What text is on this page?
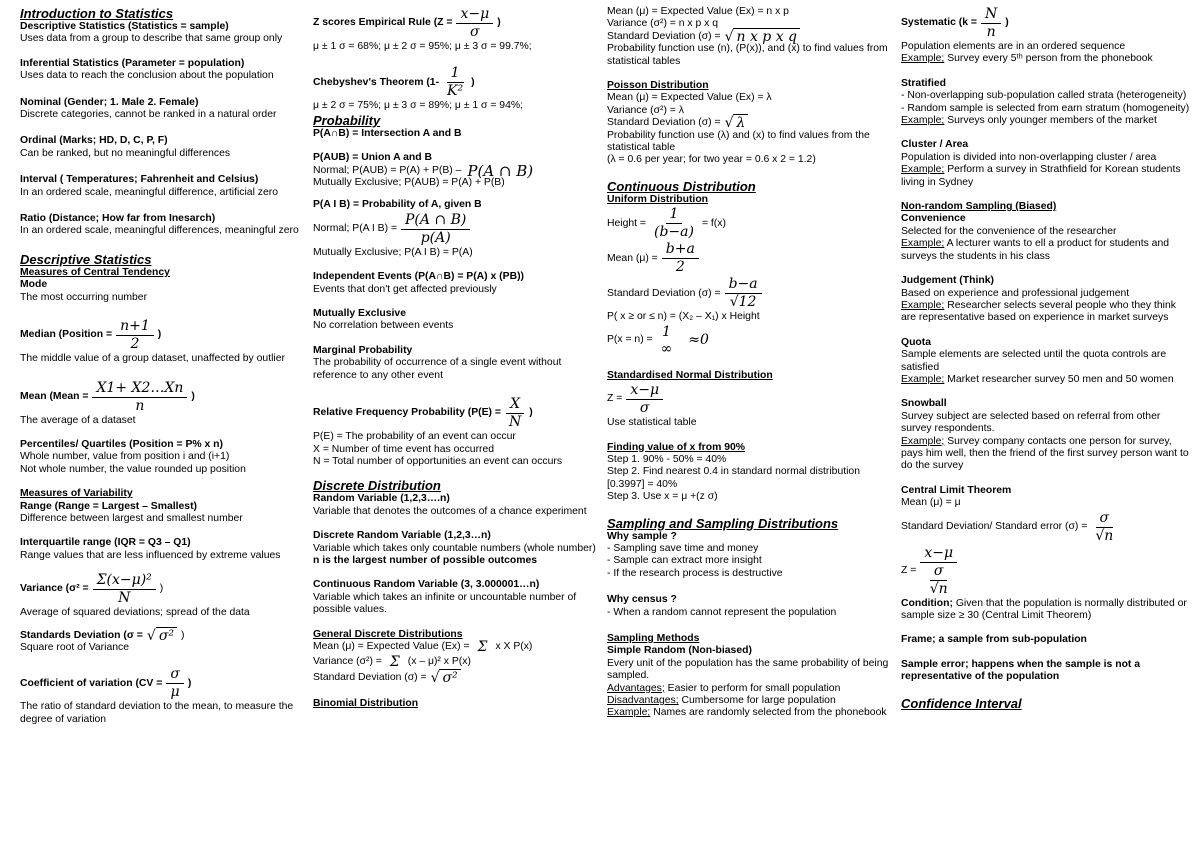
Introduction to Statistics
Descriptive Statistics (Statistics = sample)
Uses data from a group to describe that same group only
Inferential Statistics (Parameter = population)
Uses data to reach the conclusion about the population
Nominal (Gender; 1. Male 2. Female)
Discrete categories, cannot be ranked in a natural order
Ordinal (Marks; HD, D, C, P, F)
Can be ranked, but no meaningful differences
Interval ( Temperatures; Fahrenheit and Celsius)
In an ordered scale, meaningful difference, artificial zero
Ratio (Distance; How far from Inesarch)
In an ordered scale, meaningful differences, meaningful zero
Descriptive Statistics
Measures of Central Tendency
Mode
The most occurring number
Median (Position = $\frac{n+1}{2}$ )
The middle value of a group dataset, unaffected by outlier
Mean (Mean = $\frac{X1+ X2\dots Xn}{n}$ )
The average of a dataset
Percentiles/ Quartiles (Position = P% x n)
Whole number, value from position i and (i+1)
Not whole number, the value rounded up position
Measures of Variability
Range (Range = Largest – Smallest)
Difference between largest and smallest number
Interquartile range (IQR = Q3 – Q1)
Range values that are less influenced by extreme values
Variance ($\sigma^2 = \frac{\text{Σ(x−μ)²}}{N}$ )
Average of squared deviations; spread of the data
Standards Deviation (σ = √ σ² )
Square root of Variance
Coefficient of variation ($CV = \frac{\sigma}{\mu}$ )
The ratio of standard deviation to the mean, to measure the degree of variation
Z scores Empirical Rule ($Z = \frac{x-\mu}{\sigma}$ )
μ ± 1 σ = 68%; μ ± 2 σ = 95%; μ ± 3 σ = 99.7%;
Chebyshev's Theorem ($1- \frac{1}{\text{K²}}$ )
μ ± 2 σ = 75%; μ ± 3 σ = 89%; μ ± 1 σ = 94%;
Probability
P(A∩B) = Intersection A and B
P(AUB) = Union A and B
Normal; P(AUB) = P(A) + P(B) – P(A ∩ B)
Mutually Exclusive; P(AUB) = P(A) + P(B)
P(A I B) = Probability of A, given B
Normal; P(A I $B) = \frac{P(A \cap B)}{p(A)}$
Mutually Exclusive; P(A I B) = P(A)
Independent Events (P(A∩B) = P(A) x (PB))
Events that don't get affected previously
Mutually Exclusive
No correlation between events
Marginal Probability
The probability of occurrence of a single event without reference to any other event
Relative Frequency Probability ($P(E) = \frac{X}{N}$ )
P(E) = The probability of an event can occur
X = Number of time event has occurred
N = Total number of opportunities an event can occurs
Discrete Distribution
Random Variable (1,2,3….n)
Variable that denotes the outcomes of a chance experiment
Discrete Random Variable (1,2,3…n)
Variable which takes only countable numbers (whole number)
n is the largest number of possible outcomes
Continuous Random Variable (3, 3.000001…n)
Variable which takes an infinite or uncountable number of possible values.
General Discrete Distributions
Mean (μ) = Expected Value (Ex) = Σ x X P(x)
Variance (σ²) = Σ (x – μ)² x P(x)
Standard Deviation (σ) = √ σ²
Binomial Distribution
Mean (μ) = Expected Value (Ex) = n x p
Variance (σ²) = n x p x q
Standard Deviation (σ) = √ n x p x q
Probability function use (n), (P(x)), and (x) to find values from statistical tables
Poisson Distribution
Mean (μ) = Expected Value (Ex) = λ
Variance (σ²) = λ
Standard Deviation (σ) = √ λ
Probability function use (λ) and (x) to find values from the statistical table
(λ = 0.6 per year; for two year = 0.6 x 2 = 1.2)
Continuous Distribution
Uniform Distribution
Height = $\frac{1}{(b-a)} = f(x)$
Mean $(\mu) = \frac{b+a}{2}$
Standard Deviation $(\sigma) = \frac{b-a}{√12}$
P( x ≥ or ≤ n) = (X₂ – X₁) x Height
P(x = n) =
1
∞
≈0
Standardised Normal Distribution
$Z = \frac{x-\mu}{\sigma}$
Use statistical table
Finding value of x from 90%
Step 1. 90% - 50% = 40%
Step 2. Find nearest 0.4 in standard normal distribution [0.3997] = 40%
Step 3. Use x = μ +(z σ)
Sampling and Sampling Distributions
Why sample ?
- Sampling save time and money
- Sample can extract more insight
- If the research process is destructive
Why census ?
- When a random cannot represent the population
Sampling Methods
Simple Random (Non-biased)
Every unit of the population has the same probability of being sampled.
Advantages; Easier to perform for small population
Disadvantages; Cumbersome for large population
Example; Names are randomly selected from the phonebook
Systematic ($k = \frac{N}{n}$ )
Population elements are in an ordered sequence
Example; Survey every 5ᵗʰ person from the phonebook
Stratified
- Non-overlapping sub-population called strata (heterogeneity)
- Random sample is selected from earn stratum (homogeneity)
Example; Surveys only younger members of the market
Cluster / Area
Population is divided into non-overlapping cluster / area
Example; Perform a survey in Strathfield for Korean students living in Sydney
Non-random Sampling (Biased)
Convenience
Selected for the convenience of the researcher
Example; A lecturer wants to ell a product for students and surveys the students in his class
Judgement (Think)
Based on experience and professional judgement
Example; Researcher selects several people who they think are representative based on experience in market surveys
Quota
Sample elements are selected until the quota controls are satisfied
Example; Market researcher survey 50 men and 50 women
Snowball
Survey subject are selected based on referral from other survey respondents.
Example; Survey company contacts one person for survey, pays him well, then the friend of the first survey person want to do the survey
Central Limit Theorem
Mean (μ) = μ
Standard Deviation/ Standard error $(\sigma) = \frac{\sigma}{√n}$
$Z = \frac{x-\mu}{\frac{\sigma}{√n}}$
Condition; Given that the population is normally distributed or sample size ≥ 30 (Central Limit Theorem)
Frame; a sample from sub-population
Sample error; happens when the sample is not a representative of the population
Confidence Interval
